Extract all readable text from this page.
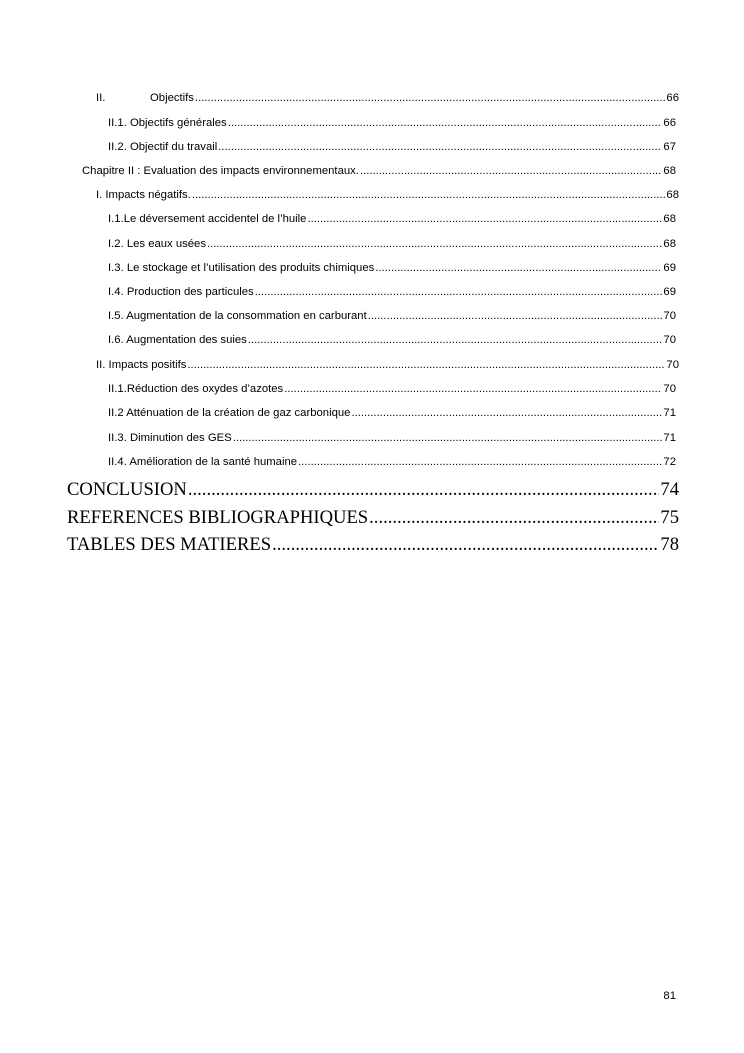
II.	Objectifs .....	66
II.1. Objectifs générales .....	66
II.2. Objectif du travail .....	67
Chapitre II : Evaluation des impacts environnementaux. .....	68
I. Impacts négatifs. .....	68
I.1.Le déversement accidentel de l’huile .....	68
I.2. Les eaux usées .....	68
I.3. Le stockage et l’utilisation des produits chimiques .....	69
I.4. Production des particules .....	69
I.5. Augmentation de la consommation en carburant .....	70
I.6. Augmentation des suies .....	70
II. Impacts positifs .....	70
II.1.Réduction des oxydes d’azotes .....	70
II.2 Atténuation de la création de gaz carbonique .....	71
II.3. Diminution des GES .....	71
II.4. Amélioration de la santé humaine .....	72
CONCLUSION .....	74
REFERENCES BIBLIOGRAPHIQUES .....	75
TABLES DES MATIERES .....	78
81
